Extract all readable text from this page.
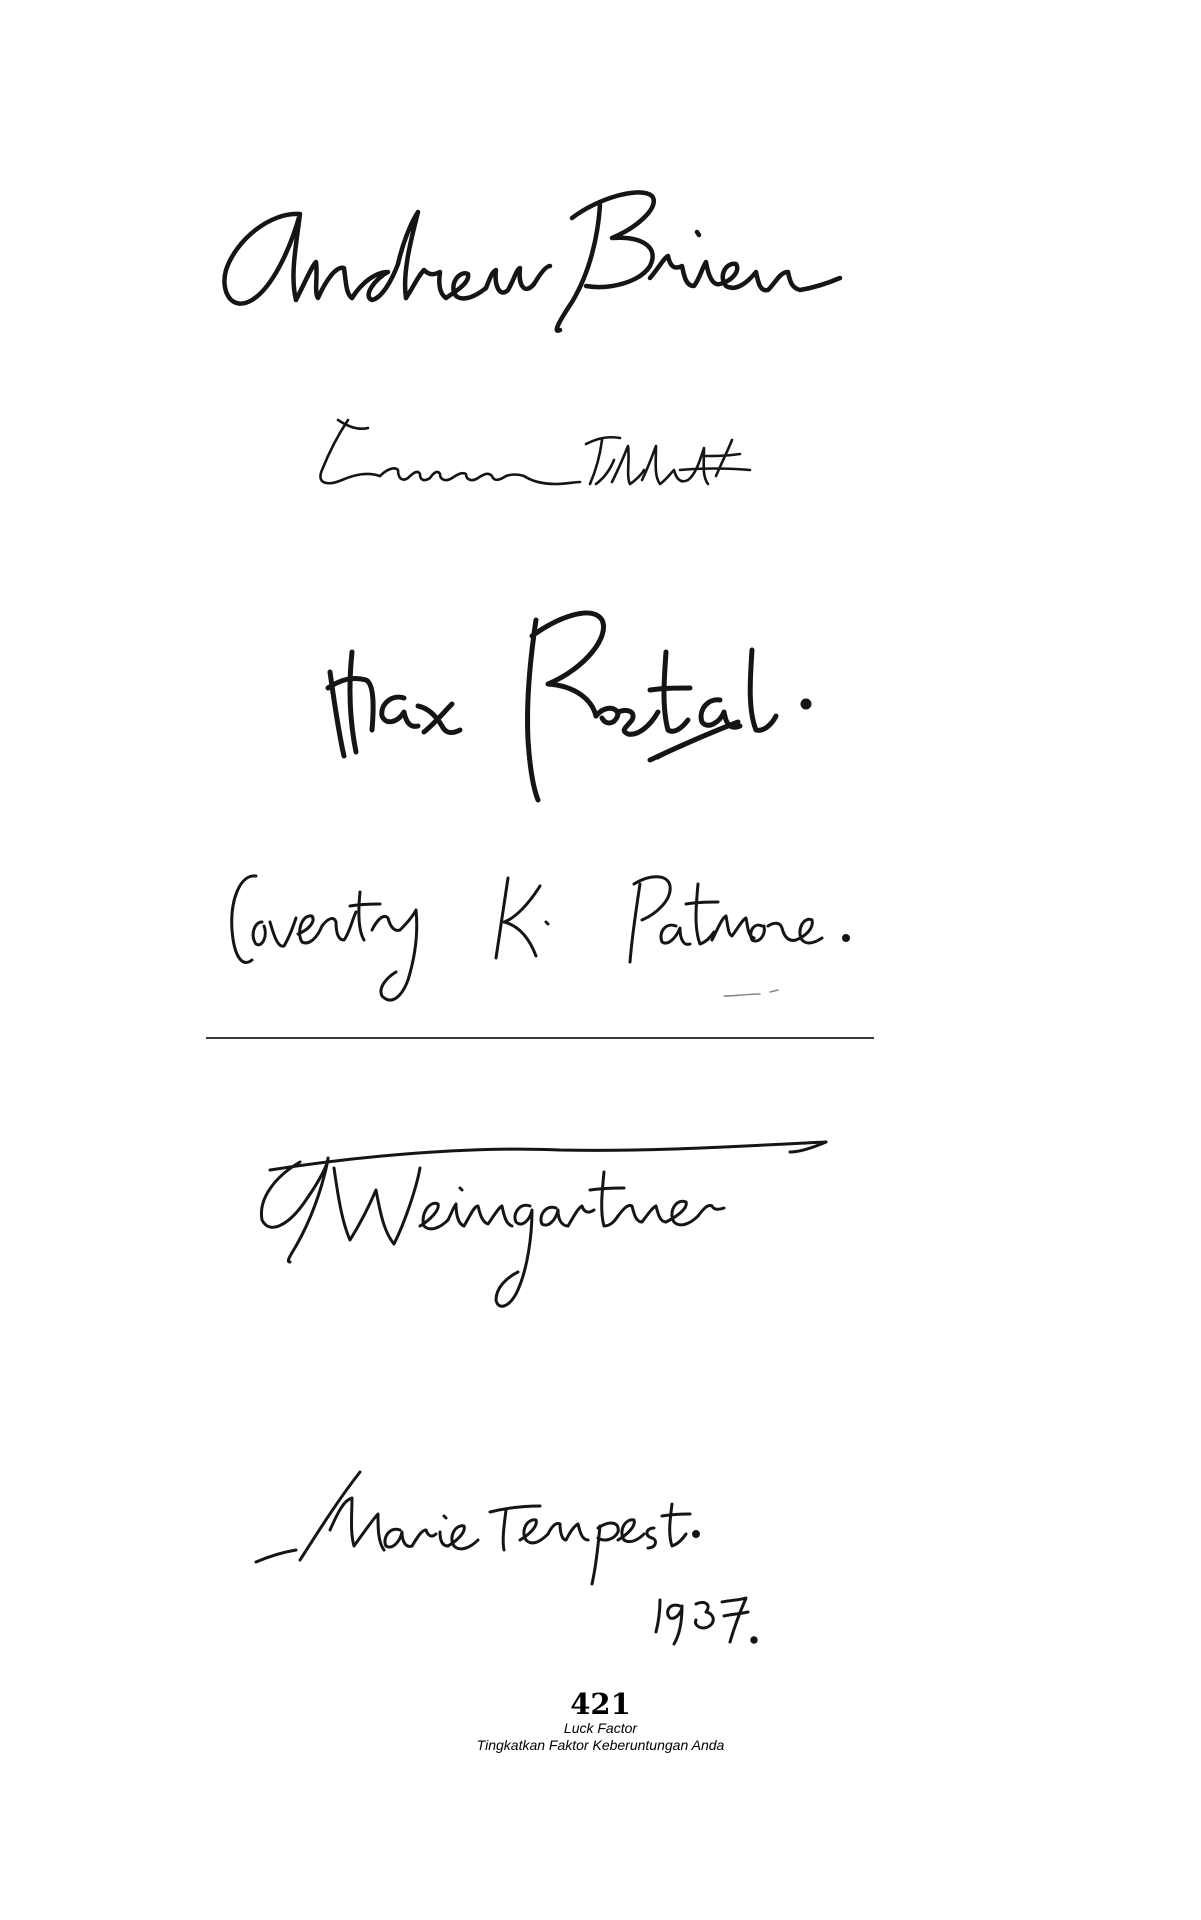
421
Luck Factor
Tingkatkan Faktor Keberuntungan Anda
